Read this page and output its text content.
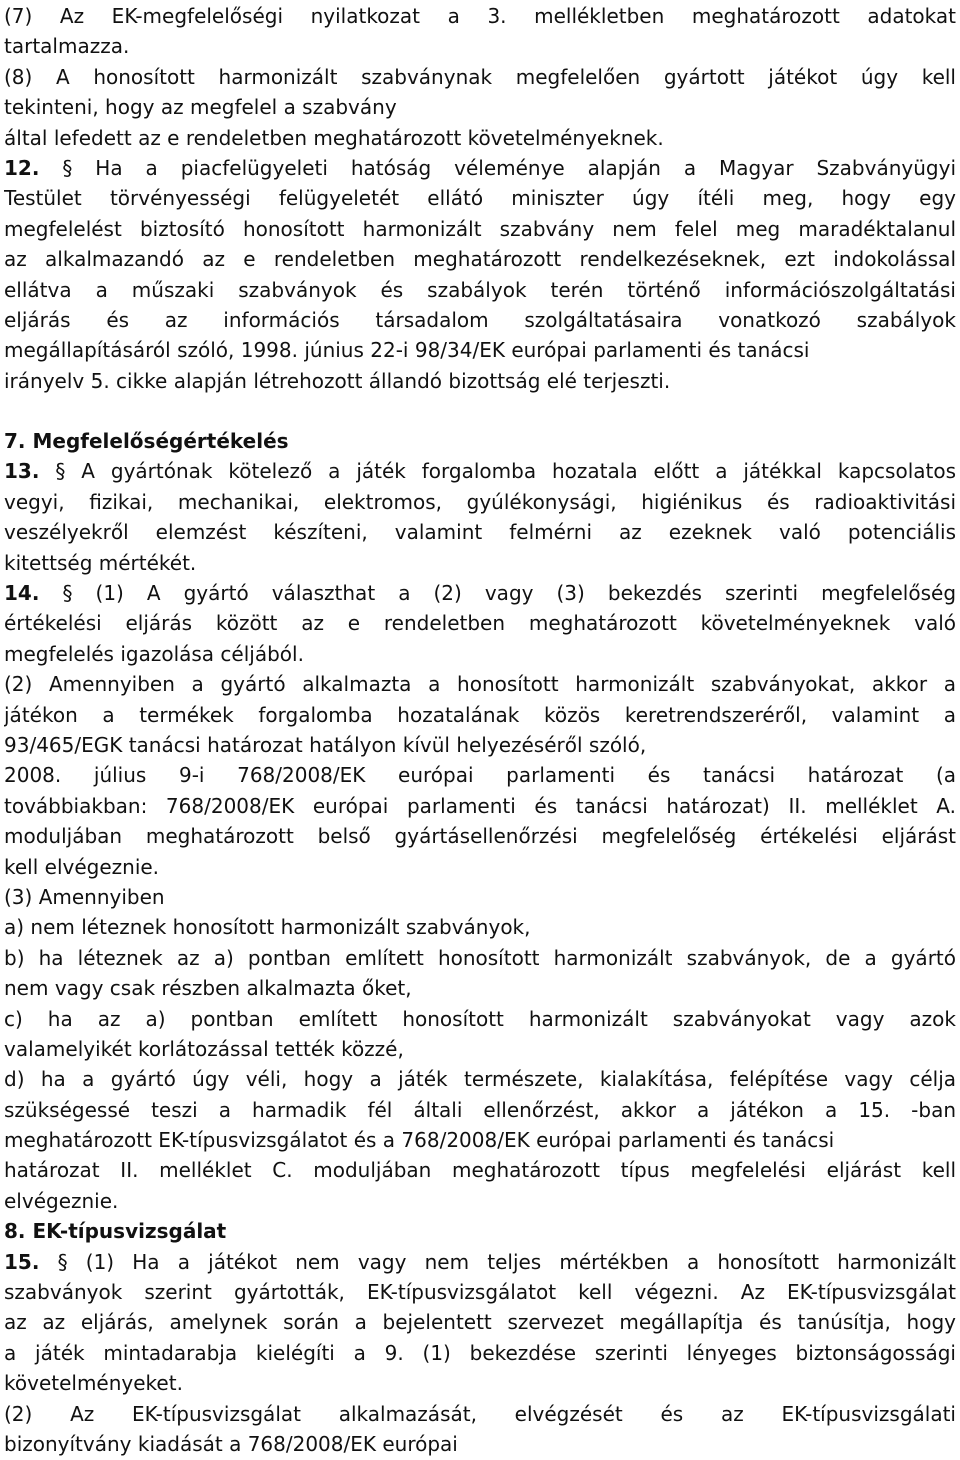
(7) Az EK-megfelelőségi nyilatkozat a 3. mellékletben meghatározott adatokat
tartalmazza.
(8) A honosított harmonizált szabványnak megfelelően gyártott játékot úgy kell
tekinteni, hogy az megfelel a szabvány
által lefedett az e rendeletben meghatározott követelményeknek.
12. § Ha a piacfelügyeleti hatóság véleménye alapján a Magyar Szabványügyi
Testület törvényességi felügyeletét ellátó miniszter úgy ítéli meg, hogy egy
megfelelést biztosító honosított harmonizált szabvány nem felel meg maradéktalanul
az alkalmazandó az e rendeletben meghatározott rendelkezéseknek, ezt indokolással
ellátva a műszaki szabványok és szabályok terén történő információszolgáltatási
eljárás és az információs társadalom szolgáltatásaira vonatkozó szabályok
megállapításáról szóló, 1998. június 22-i 98/34/EK európai parlamenti és tanácsi
irányelv 5. cikke alapján létrehozott állandó bizottság elé terjeszti.
7. Megfelelőségértékelés
13. § A gyártónak kötelező a játék forgalomba hozatala előtt a játékkal kapcsolatos
vegyi, fizikai, mechanikai, elektromos, gyúlékonysági, higiénikus és radioaktivitási
veszélyekről elemzést készíteni, valamint felmérni az ezeknek való potenciális
kitettség mértékét.
14. § (1) A gyártó választhat a (2) vagy (3) bekezdés szerinti megfelelőség
értékelési eljárás között az e rendeletben meghatározott követelményeknek való
megfelelés igazolása céljából.
(2) Amennyiben a gyártó alkalmazta a honosított harmonizált szabványokat, akkor a
játékon a termékek forgalomba hozatalának közös keretrendszeréről, valamint a
93/465/EGK tanácsi határozat hatályon kívül helyezéséről szóló,
2008. július 9-i 768/2008/EK európai parlamenti és tanácsi határozat (a
továbbiakban: 768/2008/EK európai parlamenti és tanácsi határozat) II. melléklet A.
moduljában meghatározott belső gyártásellenőrzési megfelelőség értékelési eljárást
kell elvégeznie.
(3) Amennyiben
a) nem léteznek honosított harmonizált szabványok,
b) ha léteznek az a) pontban említett honosított harmonizált szabványok, de a gyártó
nem vagy csak részben alkalmazta őket,
c) ha az a) pontban említett honosított harmonizált szabványokat vagy azok
valamelyikét korlátozással tették közzé,
d) ha a gyártó úgy véli, hogy a játék természete, kialakítása, felépítése vagy célja
szükségessé teszi a harmadik fél általi ellenőrzést, akkor a játékon a 15. -ban
meghatározott EK-típusvizsgálatot és a 768/2008/EK európai parlamenti és tanácsi
határozat II. melléklet C. moduljában meghatározott típus megfelelési eljárást kell
elvégeznie.
8. EK-típusvizsgálat
15. § (1) Ha a játékot nem vagy nem teljes mértékben a honosított harmonizált
szabványok szerint gyártották, EK-típusvizsgálatot kell végezni. Az EK-típusvizsgálat
az az eljárás, amelynek során a bejelentett szervezet megállapítja és tanúsítja, hogy
a játék mintadarabja kielégíti a 9. (1) bekezdése szerinti lényeges biztonságossági
követelményeket.
(2) Az EK-típusvizsgálat alkalmazását, elvégzését és az EK-típusvizsgálati
bizonyítvány kiadását a 768/2008/EK európai
